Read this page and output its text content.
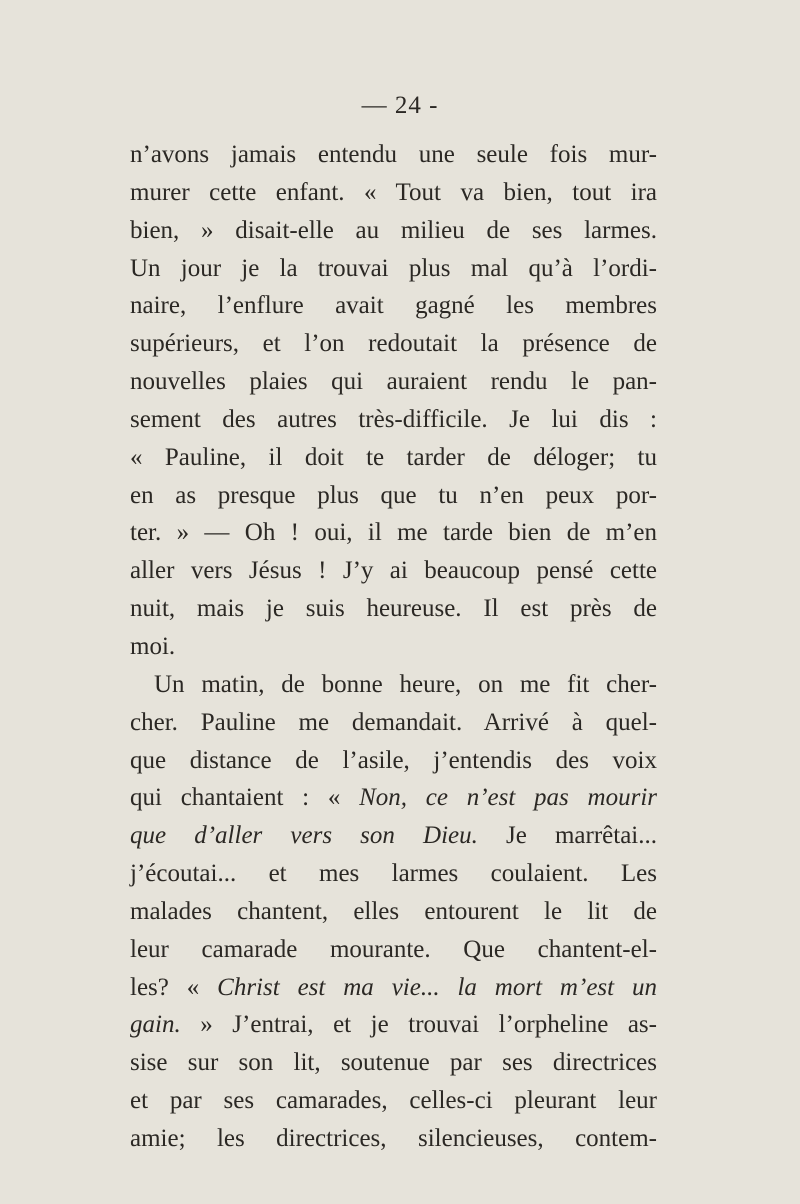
— 24 -
n’avons jamais entendu une seule fois mur-
murer cette enfant. « Tout va bien, tout ira
bien, » disait-elle au milieu de ses larmes.
Un jour je la trouvai plus mal qu’à l’ordi-
naire, l’enflure avait gagné les membres
supérieurs, et l’on redoutait la présence de
nouvelles plaies qui auraient rendu le pan-
sement des autres très-difficile. Je lui dis :
« Pauline, il doit te tarder de déloger; tu
en as presque plus que tu n’en peux por-
ter. » — Oh ! oui, il me tarde bien de m’en
aller vers Jésus ! J’y ai beaucoup pensé cette
nuit, mais je suis heureuse. Il est près de
moi.
Un matin, de bonne heure, on me fit cher-
cher. Pauline me demandait. Arrivé à quel-
que distance de l’asile, j’entendis des voix
qui chantaient : « Non, ce n’est pas mourir
que d’aller vers son Dieu. Je marrêtai...
j’écoutai... et mes larmes coulaient. Les
malades chantent, elles entourent le lit de
leur camarade mourante. Que chantent-el-
les? « Christ est ma vie... la mort m’est un
gain. » J’entrai, et je trouvai l’orpheline as-
sise sur son lit, soutenue par ses directrices
et par ses camarades, celles-ci pleurant leur
amie; les directrices, silencieuses, contem-
